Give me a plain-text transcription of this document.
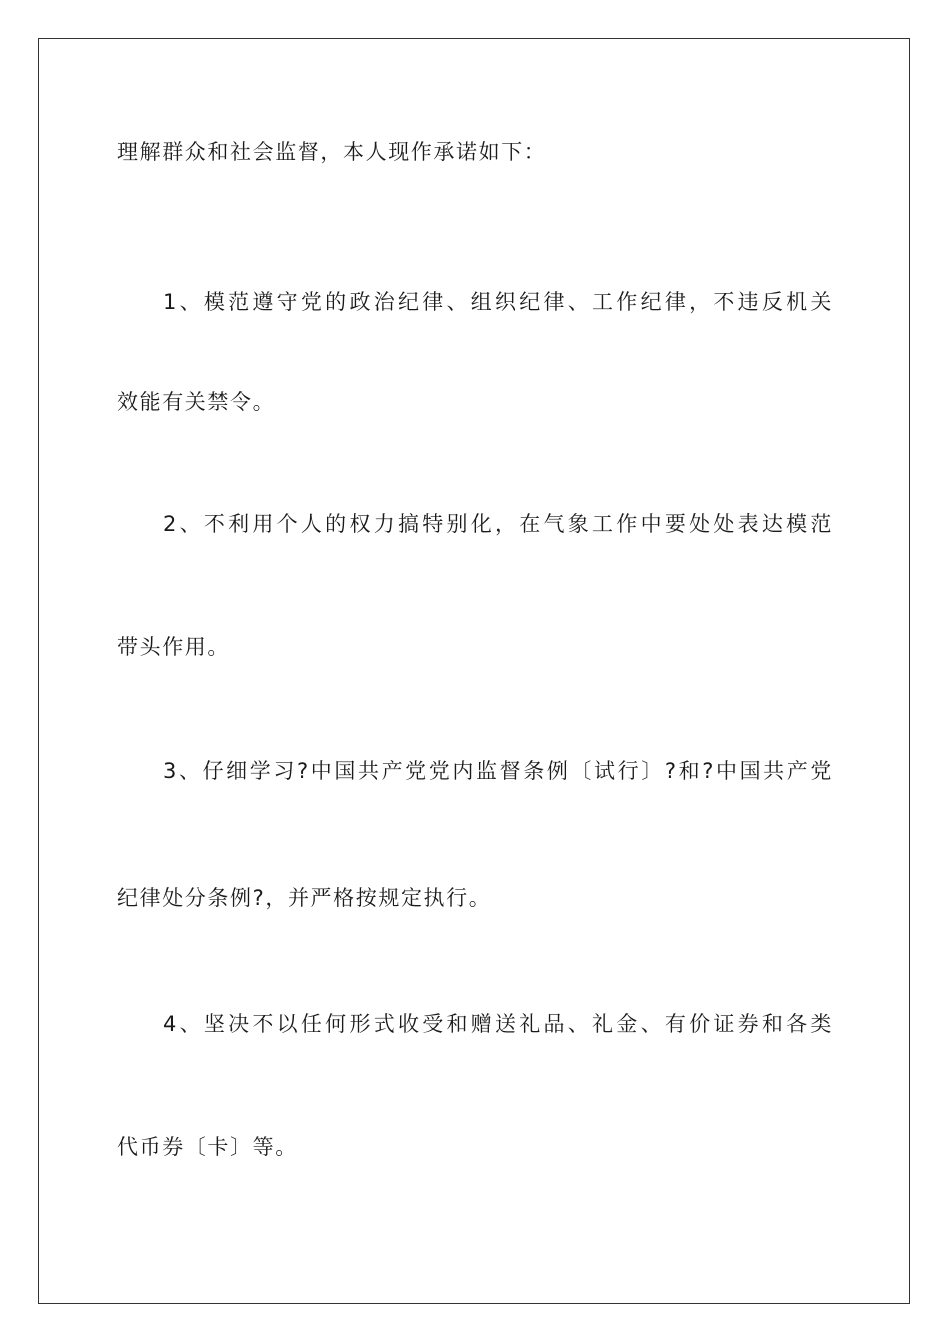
理解群众和社会监督，本人现作承诺如下：
1、模范遵守党的政治纪律、组织纪律、工作纪律，不违反机关
效能有关禁令。
2、不利用个人的权力搞特别化，在气象工作中要处处表达模范
带头作用。
3、仔细学习?中国共产党党内监督条例〔试行〕?和?中国共产党
纪律处分条例?，并严格按规定执行。
4、坚决不以任何形式收受和赠送礼品、礼金、有价证券和各类
代币券〔卡〕等。
